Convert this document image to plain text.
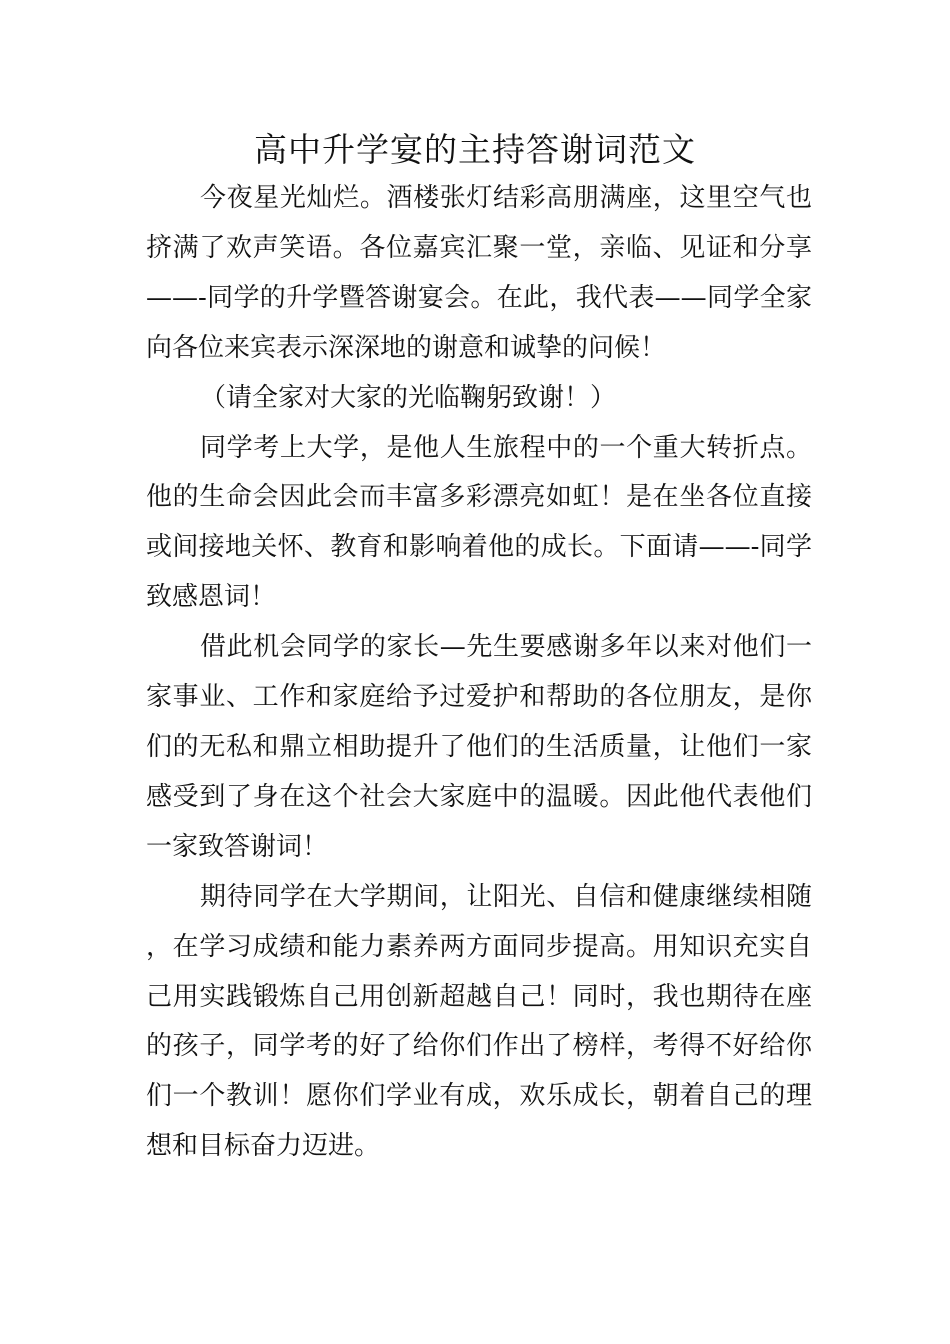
高中升学宴的主持答谢词范文

今夜星光灿烂。酒楼张灯结彩高朋满座，这里空气也挤满了欢声笑语。各位嘉宾汇聚一堂，亲临、见证和分享——-同学的升学暨答谢宴会。在此，我代表——同学全家向各位来宾表示深深地的谢意和诚挚的问候！

（请全家对大家的光临鞠躬致谢！）

同学考上大学，是他人生旅程中的一个重大转折点。他的生命会因此会而丰富多彩漂亮如虹！是在坐各位直接或间接地关怀、教育和影响着他的成长。下面请——-同学致感恩词！

借此机会同学的家长—先生要感谢多年以来对他们一家事业、工作和家庭给予过爱护和帮助的各位朋友，是你们的无私和鼎立相助提升了他们的生活质量，让他们一家感受到了身在这个社会大家庭中的温暖。因此他代表他们一家致答谢词！

期待同学在大学期间，让阳光、自信和健康继续相随，在学习成绩和能力素养两方面同步提高。用知识充实自己用实践锻炼自己用创新超越自己！同时，我也期待在座的孩子，同学考的好了给你们作出了榜样，考得不好给你们一个教训！愿你们学业有成，欢乐成长，朝着自己的理想和目标奋力迈进。
